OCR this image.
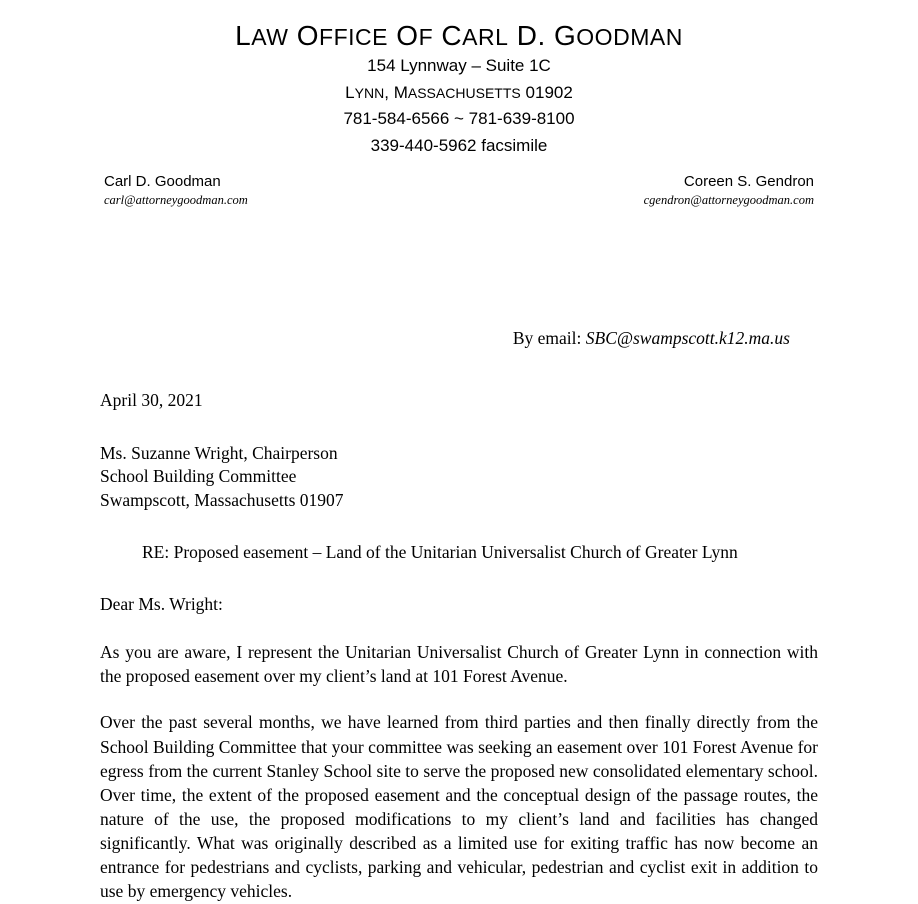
LAW OFFICE OF CARL D. GOODMAN
154 Lynnway – Suite 1C
LYNN, MASSACHUSETTS 01902
781-584-6566 ~ 781-639-8100
339-440-5962 facsimile
Carl D. Goodman
carl@attorneygoodman.com
Coreen S. Gendron
cgendron@attorneygoodman.com
By email: SBC@swampscott.k12.ma.us
April 30, 2021
Ms. Suzanne Wright, Chairperson
School Building Committee
Swampscott, Massachusetts 01907
RE: Proposed easement – Land of the Unitarian Universalist Church of Greater Lynn
Dear Ms. Wright:

As you are aware, I represent the Unitarian Universalist Church of Greater Lynn in connection with the proposed easement over my client’s land at 101 Forest Avenue.

Over the past several months, we have learned from third parties and then finally directly from the School Building Committee that your committee was seeking an easement over 101 Forest Avenue for egress from the current Stanley School site to serve the proposed new consolidated elementary school. Over time, the extent of the proposed easement and the conceptual design of the passage routes, the nature of the use, the proposed modifications to my client’s land and facilities has changed significantly. What was originally described as a limited use for exiting traffic has now become an entrance for pedestrians and cyclists, parking and vehicular, pedestrian and cyclist exit in addition to use by emergency vehicles.
